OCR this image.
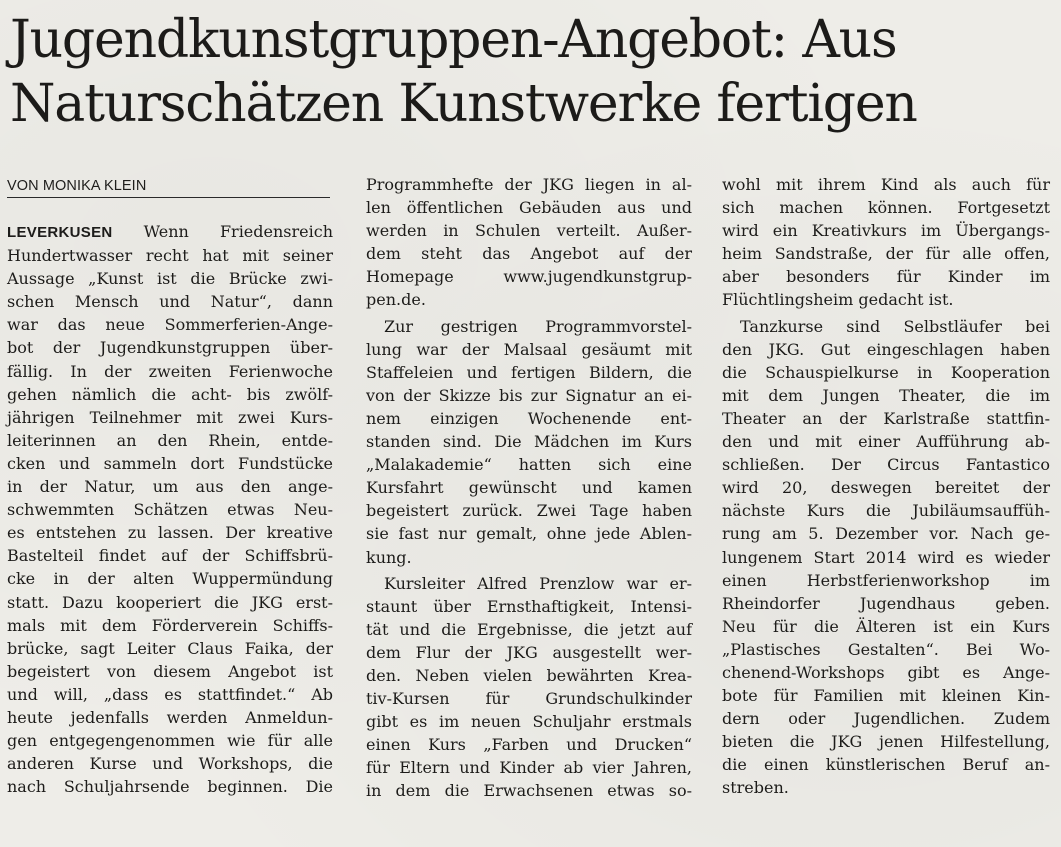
Jugendkunstgruppen-Angebot: Aus
Naturschätzen Kunstwerke fertigen
VON MONIKA KLEIN

LEVERKUSEN Wenn Friedensreich
Hundertwasser recht hat mit seiner
Aussage „Kunst ist die Brücke zwi-
schen Mensch und Natur“, dann
war das neue Sommerferien-Ange-
bot der Jugendkunstgruppen über-
fällig. In der zweiten Ferienwoche
gehen nämlich die acht- bis zwölf-
jährigen Teilnehmer mit zwei Kurs-
leiterinnen an den Rhein, entde-
cken und sammeln dort Fundstücke
in der Natur, um aus den ange-
schwemmten Schätzen etwas Neu-
es entstehen zu lassen. Der kreative
Bastelteil findet auf der Schiffsbrü-
cke in der alten Wuppermündung
statt. Dazu kooperiert die JKG erst-
mals mit dem Förderverein Schiffs-
brücke, sagt Leiter Claus Faika, der
begeistert von diesem Angebot ist
und will, „dass es stattfindet.“ Ab
heute jedenfalls werden Anmeldun-
gen entgegengenommen wie für alle
anderen Kurse und Workshops, die
nach Schuljahrsende beginnen. Die

Programmhefte der JKG liegen in al-
len öffentlichen Gebäuden aus und
werden in Schulen verteilt. Außer-
dem steht das Angebot auf der
Homepage www.jugendkunstgrup-
pen.de.

Zur gestrigen Programmvorstel-
lung war der Malsaal gesäumt mit
Staffeleien und fertigen Bildern, die
von der Skizze bis zur Signatur an ei-
nem einzigen Wochenende ent-
standen sind. Die Mädchen im Kurs
„Malakademie“ hatten sich eine
Kursfahrt gewünscht und kamen
begeistert zurück. Zwei Tage haben
sie fast nur gemalt, ohne jede Ablen-
kung.

Kursleiter Alfred Prenzlow war er-
staunt über Ernsthaftigkeit, Intensi-
tät und die Ergebnisse, die jetzt auf
dem Flur der JKG ausgestellt wer-
den. Neben vielen bewährten Krea-
tiv-Kursen für Grundschulkinder
gibt es im neuen Schuljahr erstmals
einen Kurs „Farben und Drucken“
für Eltern und Kinder ab vier Jahren,
in dem die Erwachsenen etwas so-

wohl mit ihrem Kind als auch für
sich machen können. Fortgesetzt
wird ein Kreativkurs im Übergangs-
heim Sandstraße, der für alle offen,
aber besonders für Kinder im
Flüchtlingsheim gedacht ist.

Tanzkurse sind Selbstläufer bei
den JKG. Gut eingeschlagen haben
die Schauspielkurse in Kooperation
mit dem Jungen Theater, die im
Theater an der Karlstraße stattfin-
den und mit einer Aufführung ab-
schließen. Der Circus Fantastico
wird 20, deswegen bereitet der
nächste Kurs die Jubiläumsauffüh-
rung am 5. Dezember vor. Nach ge-
lungenem Start 2014 wird es wieder
einen Herbstferienworkshop im
Rheindorfer Jugendhaus geben.
Neu für die Älteren ist ein Kurs
„Plastisches Gestalten“. Bei Wo-
chenend-Workshops gibt es Ange-
bote für Familien mit kleinen Kin-
dern oder Jugendlichen. Zudem
bieten die JKG jenen Hilfestellung,
die einen künstlerischen Beruf an-
streben.
